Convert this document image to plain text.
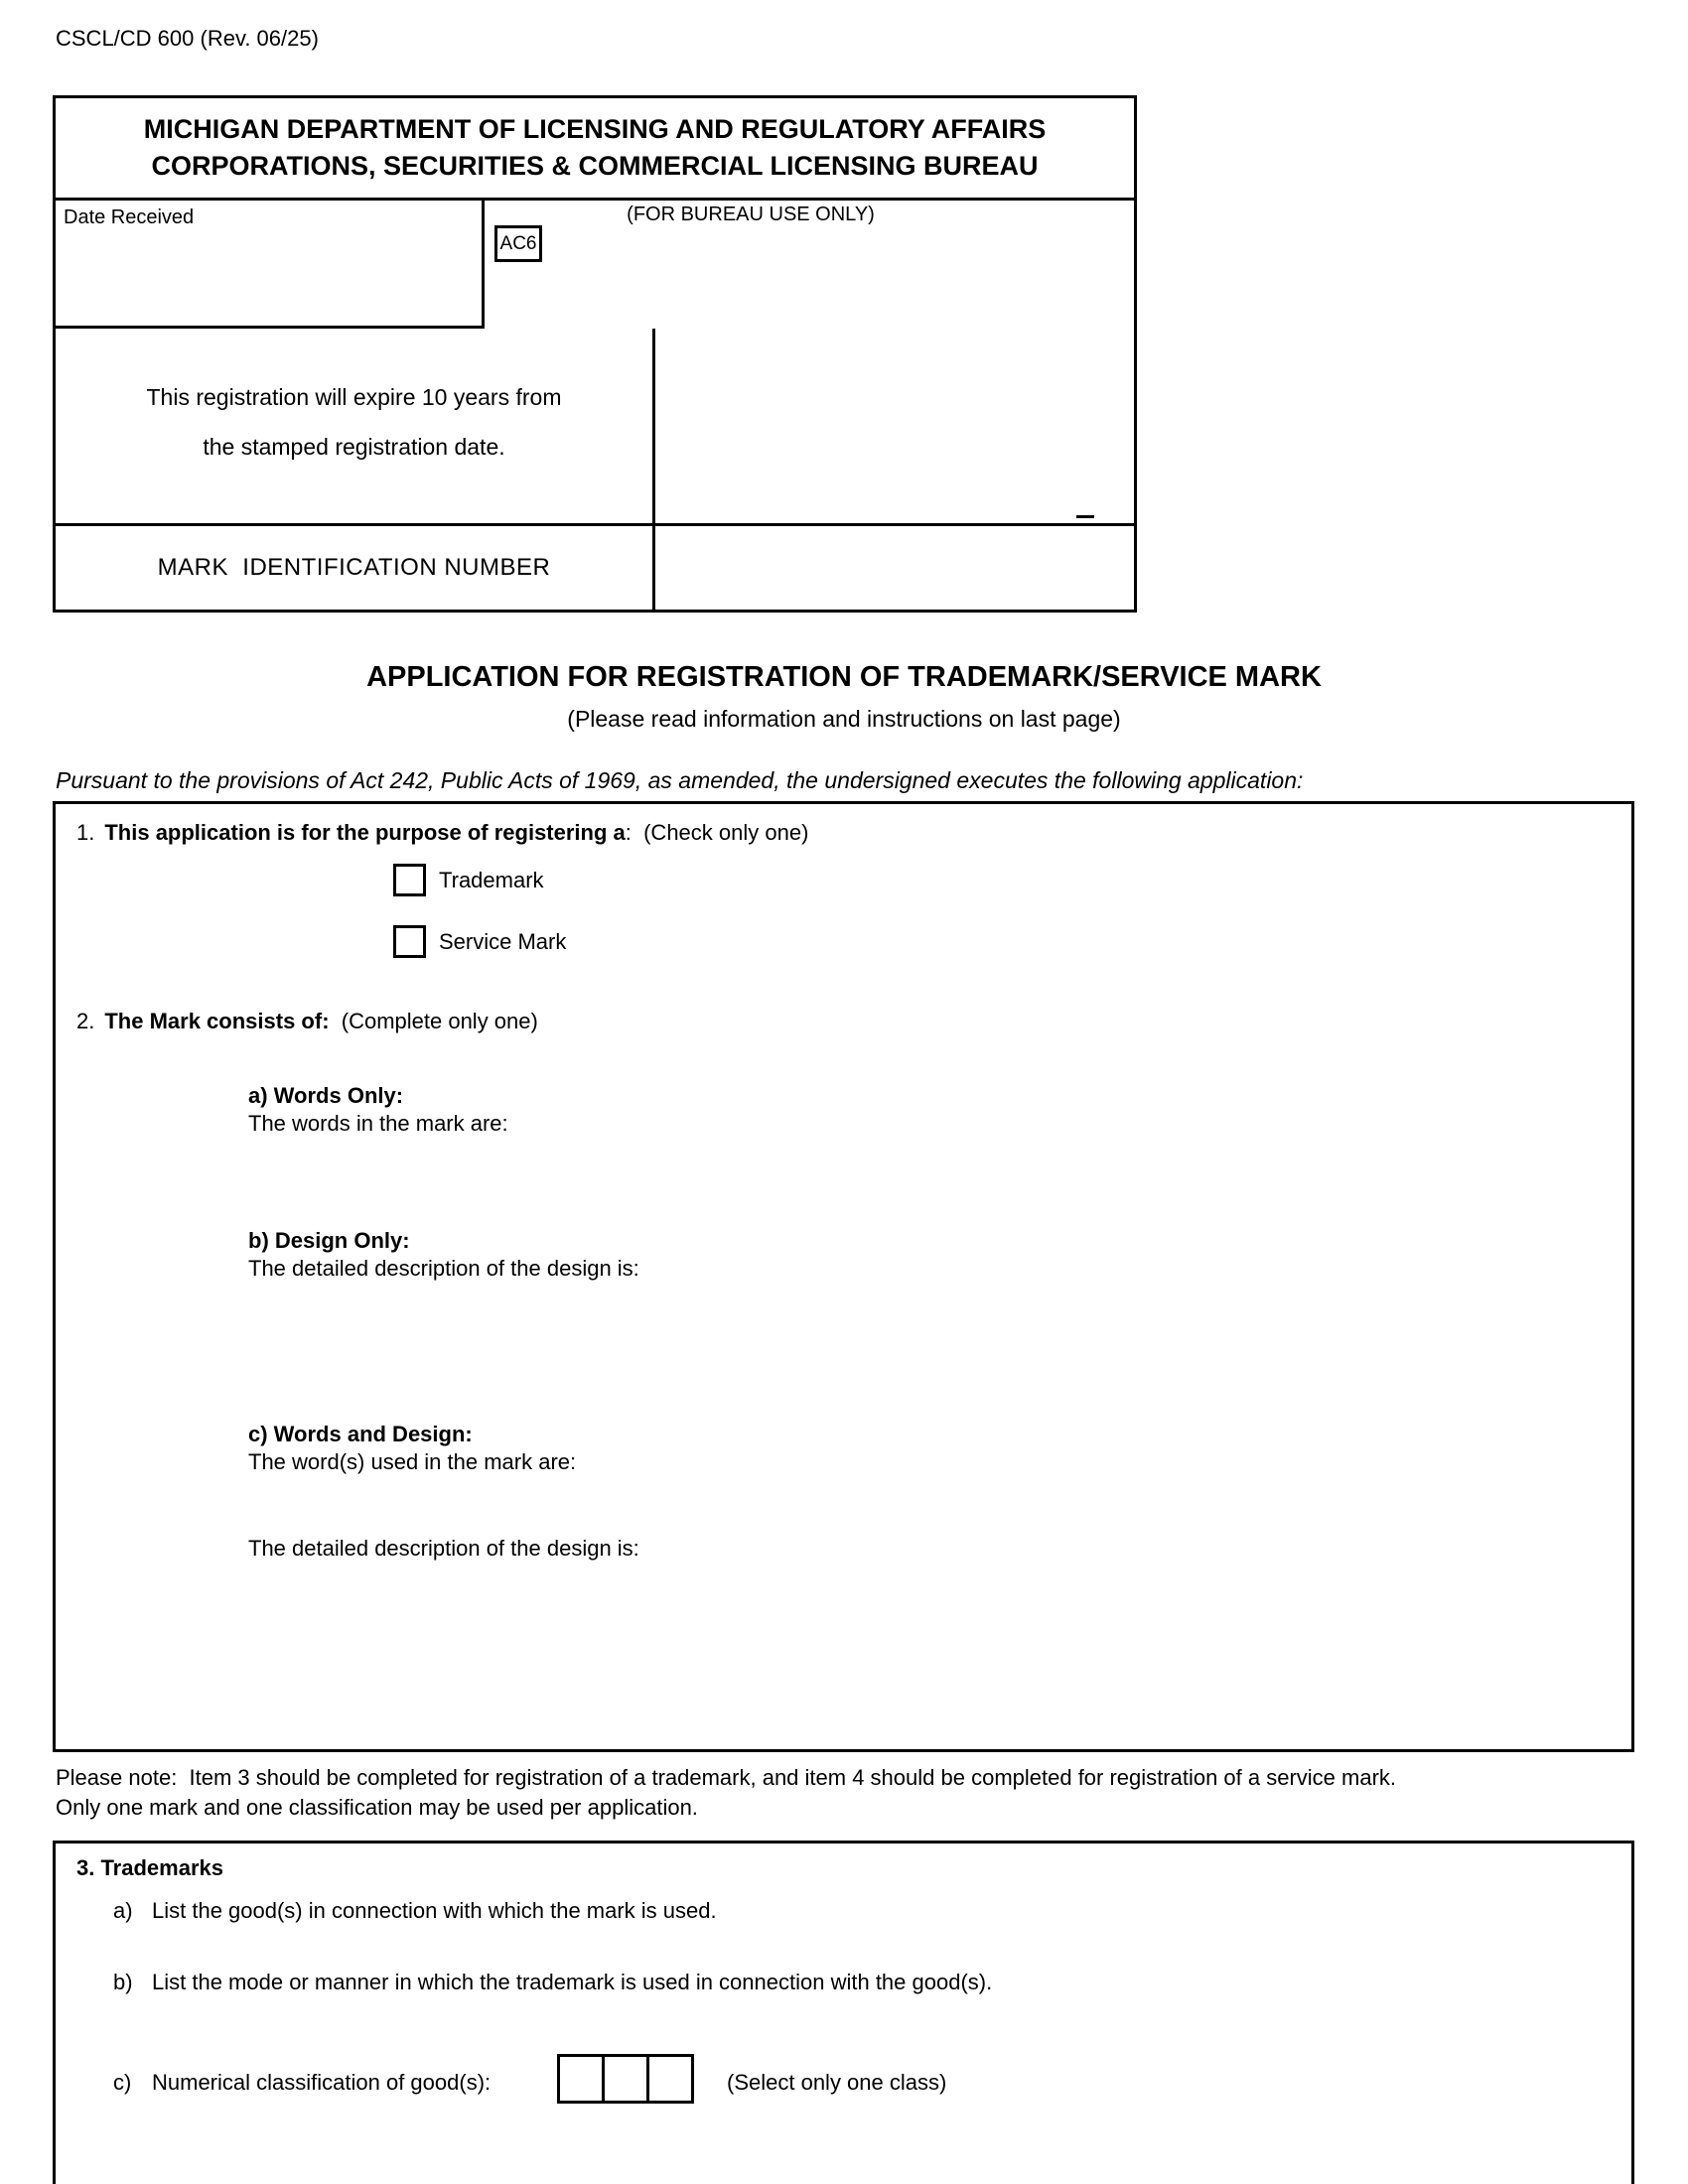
CSCL/CD 600 (Rev. 06/25)
MICHIGAN DEPARTMENT OF LICENSING AND REGULATORY AFFAIRS
CORPORATIONS, SECURITIES & COMMERCIAL LICENSING BUREAU
Date Received	(FOR BUREAU USE ONLY)
AC6
This registration will expire 10 years from
the stamped registration date.
MARK  IDENTIFICATION NUMBER
APPLICATION FOR REGISTRATION OF TRADEMARK/SERVICE MARK
(Please read information and instructions on last page)
Pursuant to the provisions of Act 242, Public Acts of 1969, as amended, the undersigned executes the following application:
1. This application is for the purpose of registering a:  (Check only one)
Trademark
Service Mark
2. The Mark consists of:  (Complete only one)
a) Words Only:
The words in the mark are:
b) Design Only:
The detailed description of the design is:
c) Words and Design:
The word(s) used in the mark are:
The detailed description of the design is:
Please note:  Item 3 should be completed for registration of a trademark, and item 4 should be completed for registration of a service mark.
Only one mark and one classification may be used per application.
3. Trademarks
a) List the good(s) in connection with which the mark is used.
b) List the mode or manner in which the trademark is used in connection with the good(s).
c) Numerical classification of good(s):	(Select only one class)
